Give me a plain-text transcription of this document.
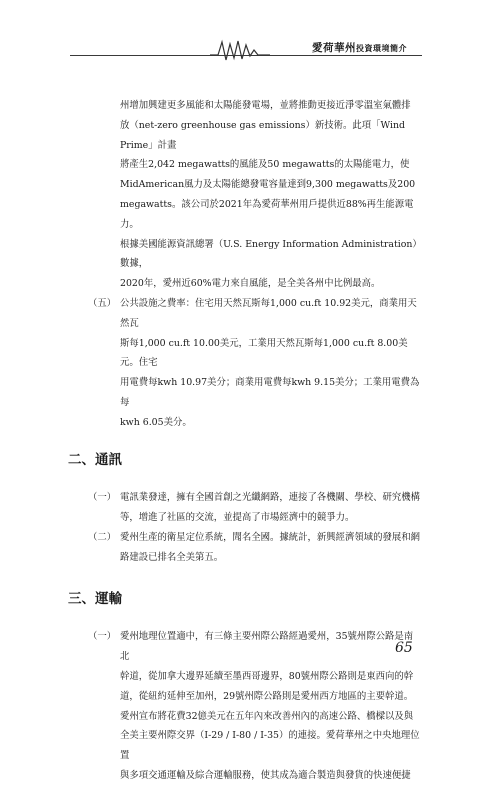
愛荷華州投資環境簡介
州增加興建更多風能和太陽能發電場，並將推動更接近淨零溫室氣體排
放（net-zero greenhouse gas emissions）新技術。此項「Wind Prime」計畫
將產生2,042 megawatts的風能及50 megawatts的太陽能電力，使
MidAmerican風力及太陽能總發電容量達到9,300 megawatts及200
megawatts。該公司於2021年為愛荷華州用戶提供近88%再生能源電力。
根據美國能源資訊總署（U.S. Energy Information Administration）數據，
2020年，愛州近60%電力來自風能，是全美各州中比例最高。
（五） 公共設施之費率：住宅用天然瓦斯每1,000 cu.ft 10.92美元，商業用天然瓦
斯每1,000 cu.ft 10.00美元，工業用天然瓦斯每1,000 cu.ft 8.00美元。住宅
用電費每kwh 10.97美分；商業用電費每kwh 9.15美分；工業用電費為每
kwh 6.05美分。
二、通訊
（一） 電訊業發達，擁有全國首創之光纖網路，連接了各機關、學校、研究機構
等，增進了社區的交流，並提高了市場經濟中的競爭力。
（二） 愛州生產的衛星定位系統，聞名全國。據統計，新興經濟領域的發展和網
路建設已排名全美第五。
三、運輸
（一） 愛州地理位置適中，有三條主要州際公路經過愛州，35號州際公路是南北
幹道，從加拿大邊界延續至墨西哥邊界，80號州際公路則是東西向的幹
道，從紐約延伸至加州，29號州際公路則是愛州西方地區的主要幹道。
愛州宣布將花費32億美元在五年內來改善州內的高速公路、橋樑以及與
全美主要州際交界（I-29 / I-80 / I-35）的連接。愛荷華州之中央地理位置
與多項交通運輸及綜合運輸服務，使其成為適合製造與發貨的快速便捷
65
